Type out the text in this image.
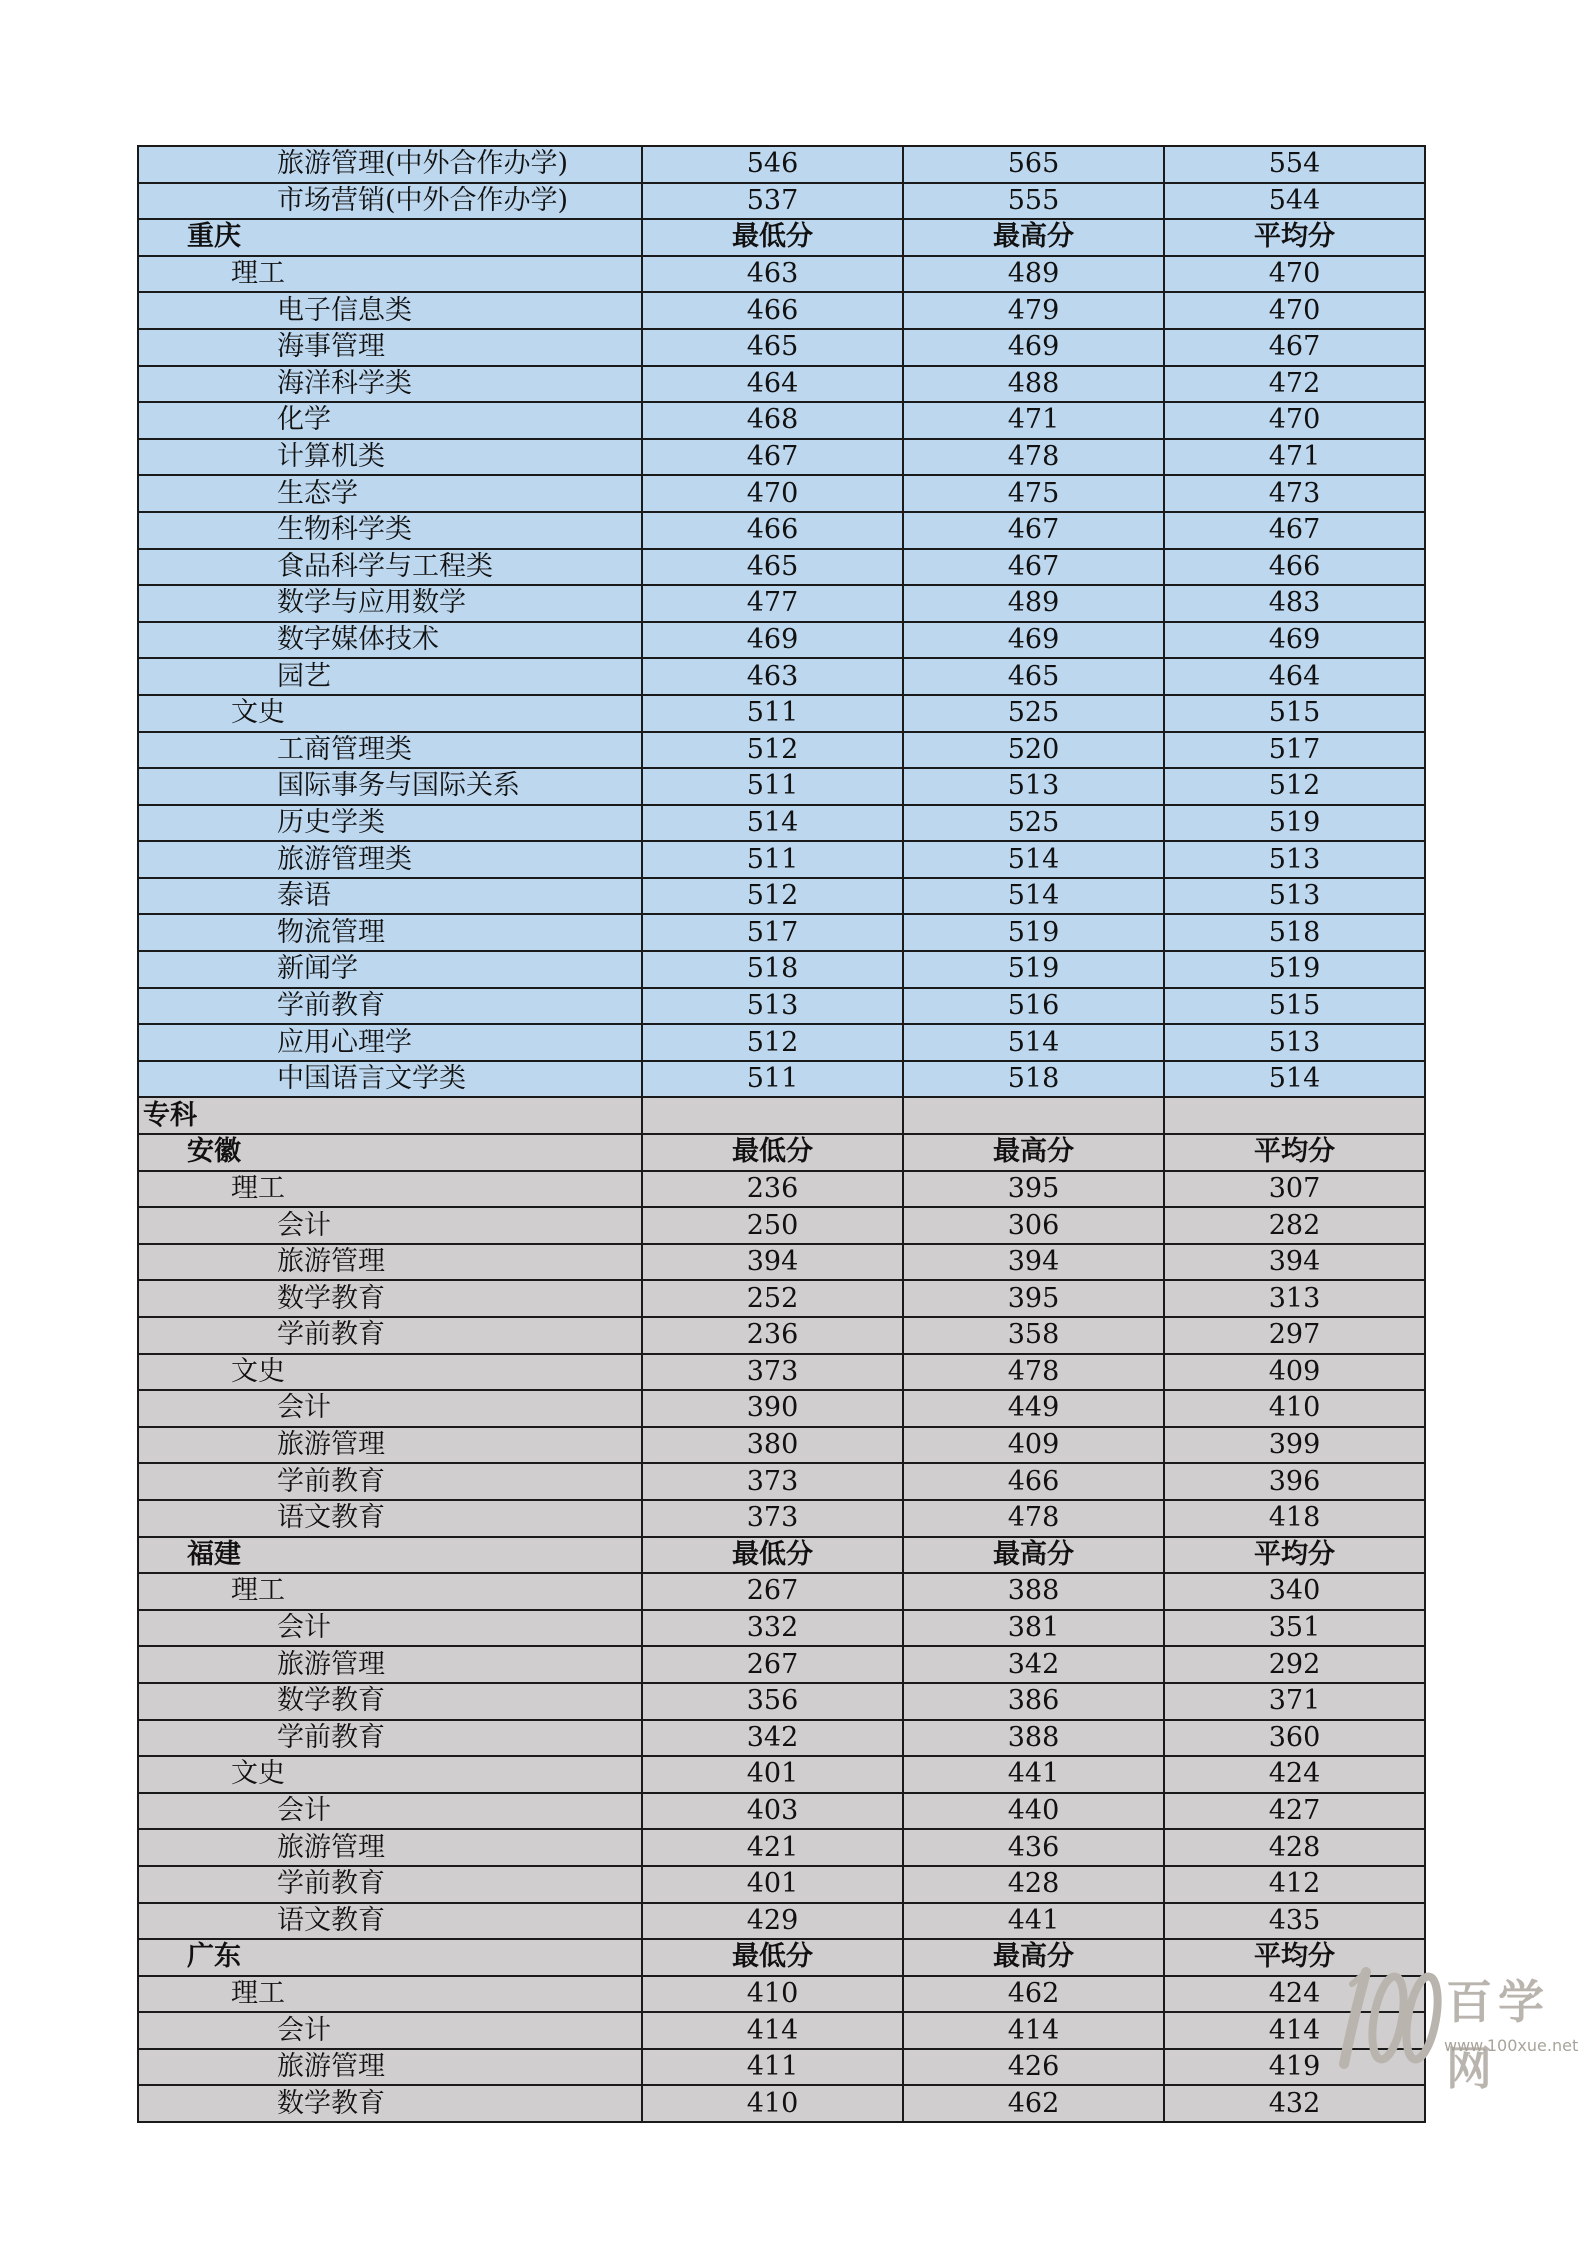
旅游管理(中外合作办学)	546	565	554
市场营销(中外合作办学)	537	555	544
重庆	最低分	最高分	平均分
理工	463	489	470
电子信息类	466	479	470
海事管理	465	469	467
海洋科学类	464	488	472
化学	468	471	470
计算机类	467	478	471
生态学	470	475	473
生物科学类	466	467	467
食品科学与工程类	465	467	466
数学与应用数学	477	489	483
数字媒体技术	469	469	469
园艺	463	465	464
文史	511	525	515
工商管理类	512	520	517
国际事务与国际关系	511	513	512
历史学类	514	525	519
旅游管理类	511	514	513
泰语	512	514	513
物流管理	517	519	518
新闻学	518	519	519
学前教育	513	516	515
应用心理学	512	514	513
中国语言文学类	511	518	514
专科			
安徽	最低分	最高分	平均分
理工	236	395	307
会计	250	306	282
旅游管理	394	394	394
数学教育	252	395	313
学前教育	236	358	297
文史	373	478	409
会计	390	449	410
旅游管理	380	409	399
学前教育	373	466	396
语文教育	373	478	418
福建	最低分	最高分	平均分
理工	267	388	340
会计	332	381	351
旅游管理	267	342	292
数学教育	356	386	371
学前教育	342	388	360
文史	401	441	424
会计	403	440	427
旅游管理	421	436	428
学前教育	401	428	412
语文教育	429	441	435
广东	最低分	最高分	平均分
理工	410	462	424
会计	414	414	414
旅游管理	411	426	419
数学教育	410	462	432
百学网
www.100xue.net
